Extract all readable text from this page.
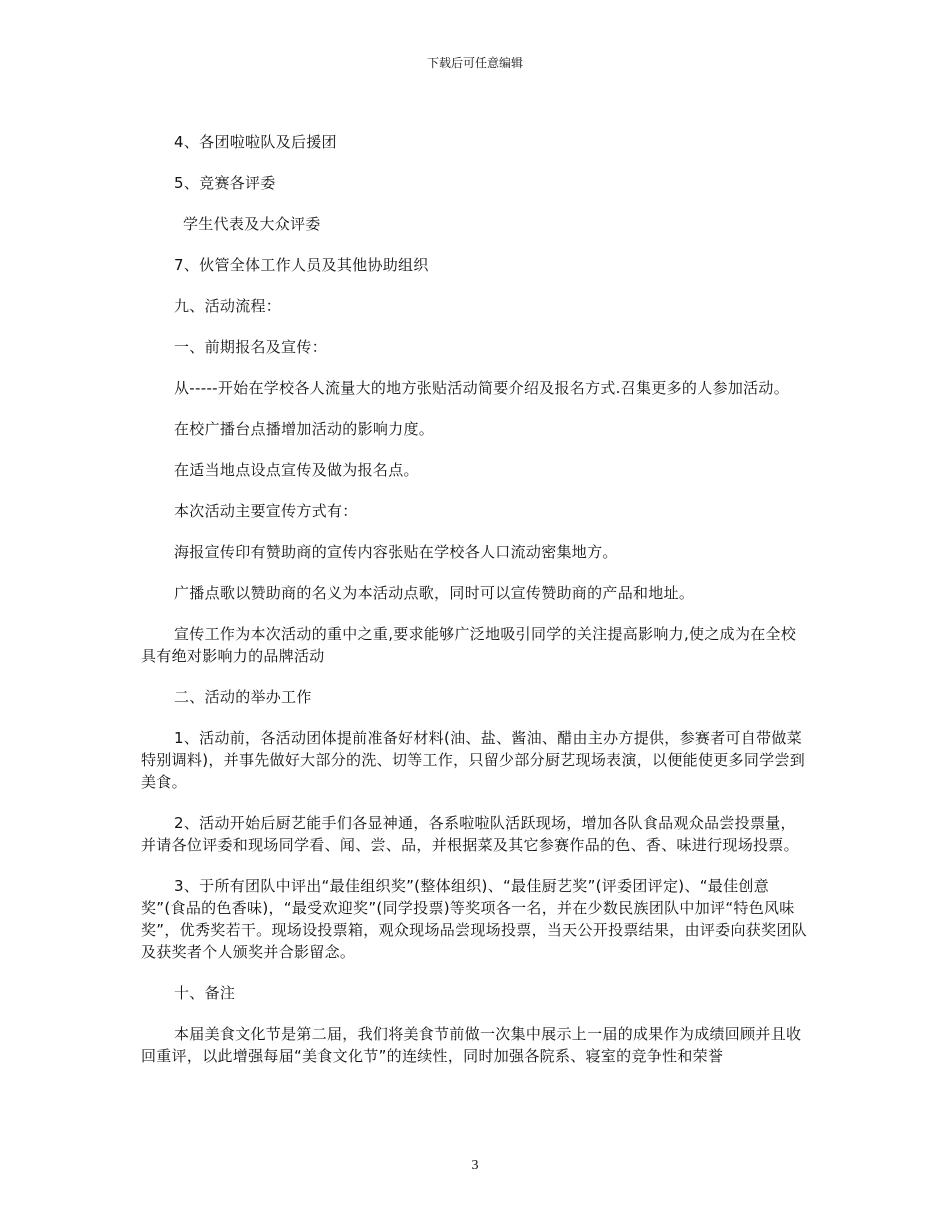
下载后可任意编辑

4、各团啦啦队及后援团

5、竞赛各评委

学生代表及大众评委

7、伙管全体工作人员及其他协助组织

九、活动流程：

一、前期报名及宣传：

从-----开始在学校各人流量大的地方张贴活动简要介绍及报名方式.召集更多的人参加活动。

在校广播台点播增加活动的影响力度。

在适当地点设点宣传及做为报名点。

本次活动主要宣传方式有：

海报宣传印有赞助商的宣传内容张贴在学校各人口流动密集地方。

广播点歌以赞助商的名义为本活动点歌，同时可以宣传赞助商的产品和地址。

宣传工作为本次活动的重中之重,要求能够广泛地吸引同学的关注提高影响力,使之成为在全校具有绝对影响力的品牌活动

二、活动的举办工作

1、活动前，各活动团体提前准备好材料(油、盐、酱油、醋由主办方提供，参赛者可自带做菜特别调料)，并事先做好大部分的洗、切等工作，只留少部分厨艺现场表演，以便能使更多同学尝到美食。

2、活动开始后厨艺能手们各显神通，各系啦啦队活跃现场，增加各队食品观众品尝投票量，并请各位评委和现场同学看、闻、尝、品，并根据菜及其它参赛作品的色、香、味进行现场投票。

3、于所有团队中评出“最佳组织奖”(整体组织)、“最佳厨艺奖”(评委团评定)、“最佳创意奖”(食品的色香味)，“最受欢迎奖”(同学投票)等奖项各一名，并在少数民族团队中加评“特色风味奖”，优秀奖若干。现场设投票箱，观众现场品尝现场投票，当天公开投票结果，由评委向获奖团队及获奖者个人颁奖并合影留念。

十、备注

本届美食文化节是第二届，我们将美食节前做一次集中展示上一届的成果作为成绩回顾并且收回重评，以此增强每届“美食文化节”的连续性，同时加强各院系、寝室的竞争性和荣誉

3
